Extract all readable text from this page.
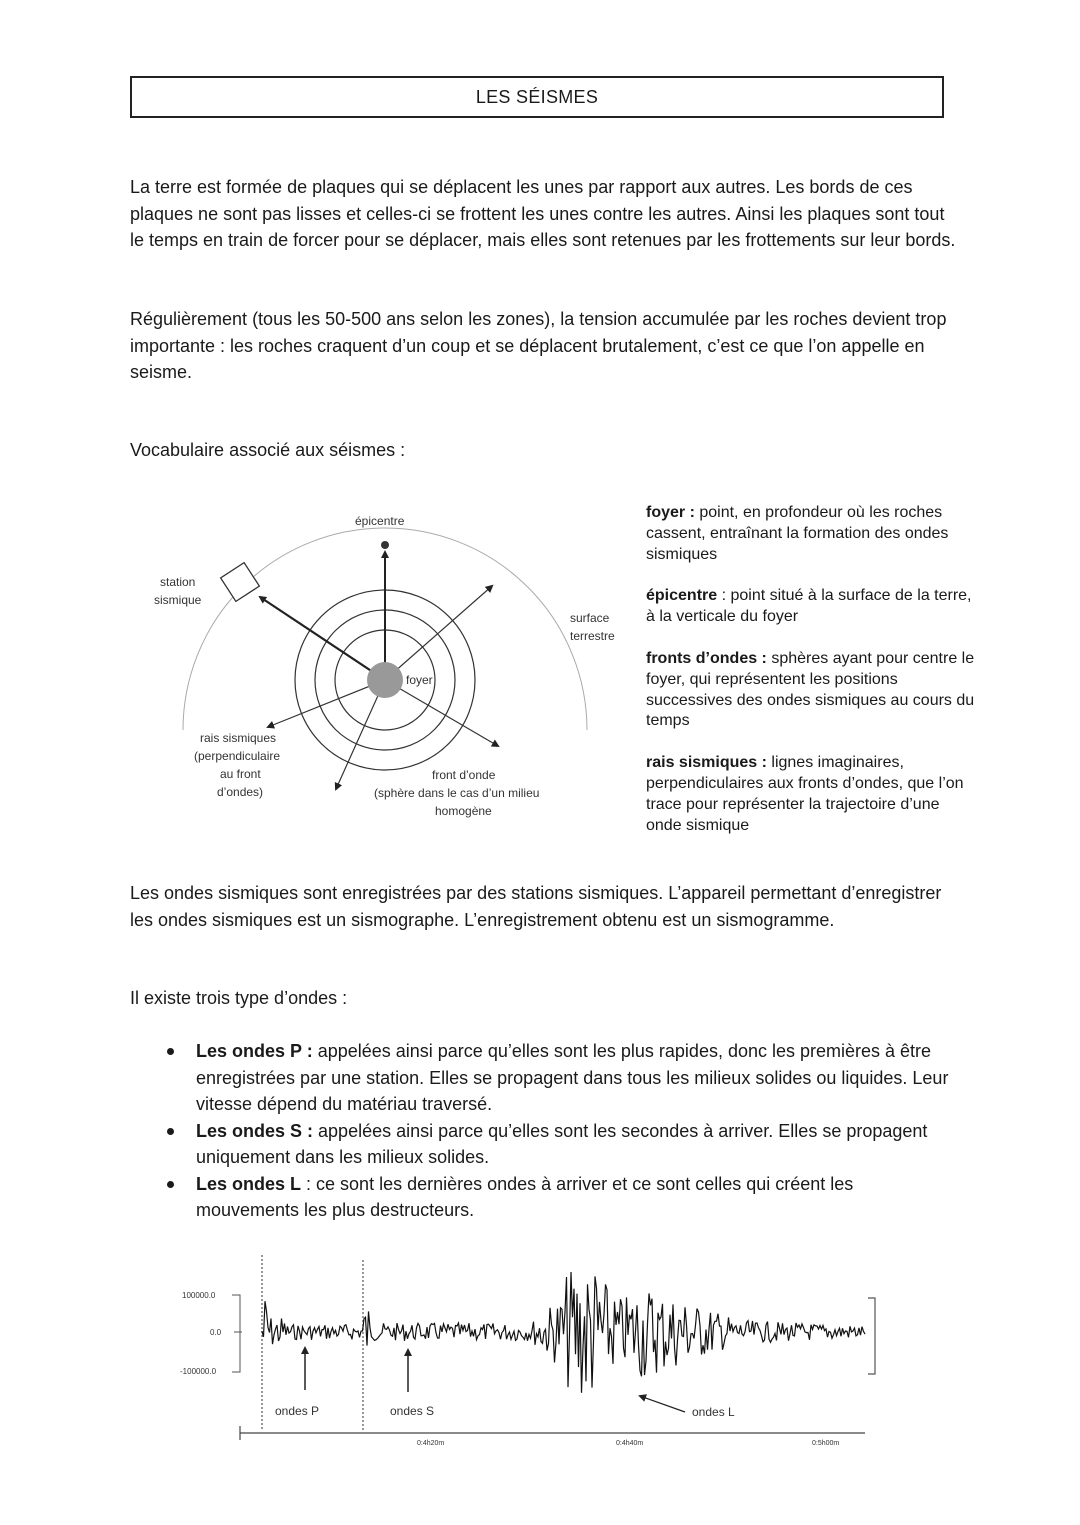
LES SÉISMES

La terre est formée de plaques qui se déplacent les unes par rapport aux autres. Les bords de ces plaques ne sont pas lisses et celles-ci se frottent les unes contre les autres. Ainsi les plaques sont tout le temps en train de forcer pour se déplacer, mais elles sont retenues par les frottements sur leur bords.

Régulièrement (tous les 50-500 ans selon les zones), la tension accumulée par les roches devient trop importante : les roches craquent d’un coup et se déplacent brutalement, c’est ce que l’on appelle en seisme.

Vocabulaire associé aux séismes :

épicentre
station
sismique
surface
terrestre
foyer
rais sismiques
(perpendiculaire
au front
d’ondes)
front d’onde
(sphère dans le cas d’un milieu
homogène

foyer : point, en profondeur où les roches cassent, entraînant la formation des ondes sismiques

épicentre : point situé à la surface de la terre, à la verticale du foyer

fronts d’ondes : sphères ayant pour centre le foyer, qui représentent les positions successives des ondes sismiques au cours du temps

rais sismiques : lignes imaginaires, perpendiculaires aux fronts d’ondes, que l’on trace pour représenter la trajectoire d’une onde sismique

Les ondes sismiques sont enregistrées par des stations sismiques. L’appareil permettant d’enregistrer les ondes sismiques est un sismographe. L’enregistrement obtenu est un sismogramme.

Il existe trois type d’ondes :

Les ondes P : appelées ainsi parce qu’elles sont les plus rapides, donc les premières à être enregistrées par une station. Elles se propagent dans tous les milieux solides ou liquides. Leur vitesse dépend du matériau traversé.
Les ondes S : appelées ainsi parce qu’elles sont les secondes à arriver. Elles se propagent uniquement dans les milieux solides.
Les ondes L : ce sont les dernières ondes à arriver et ce sont celles qui créent les mouvements les plus destructeurs.
100000.0
0.0
-100000.0
ondes P	ondes S	ondes L
0:4h20m	0:4h40m	0:5h00m
